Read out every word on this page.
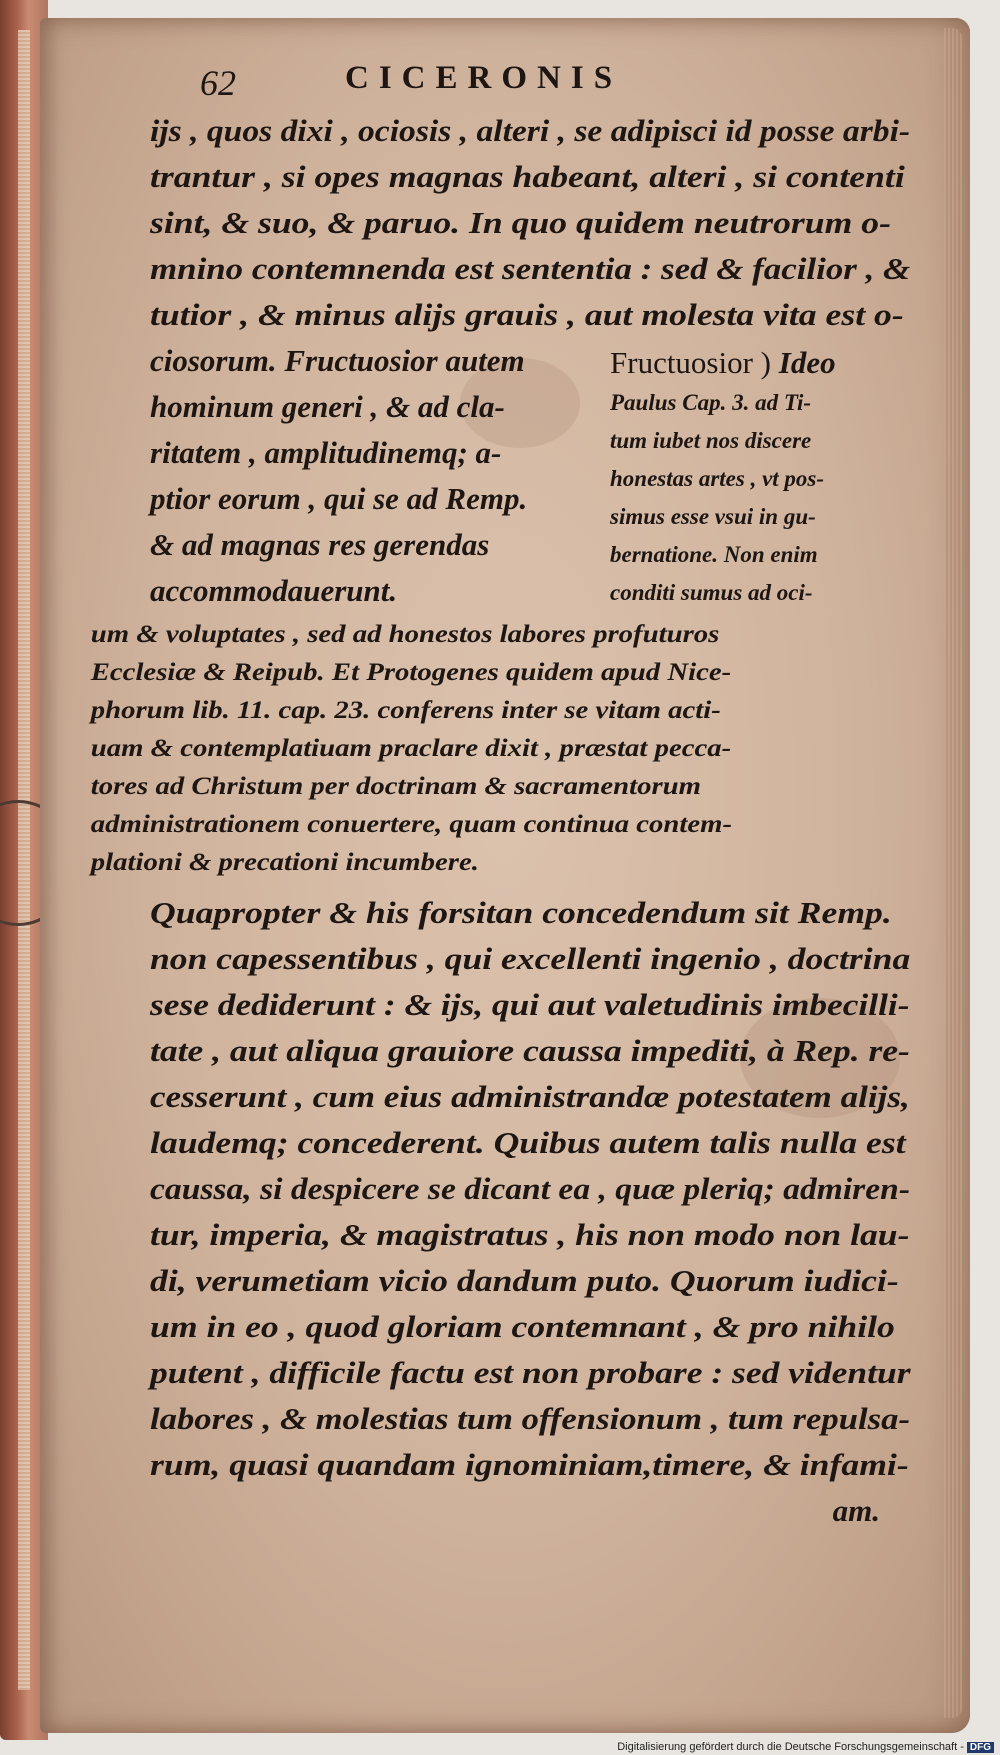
62	CICERONIS
ijs , quos dixi , ociosis , alteri , se adipisci id posse arbi-
trantur , si opes magnas habeant, alteri , si contenti
sint, & suo, & paruo. In quo quidem neutrorum o-
mnino contemnenda est sententia : sed & facilior , &
tutior , & minus alijs grauis , aut molesta vita est o-
ciosorum. Fructuosior autem
hominum generi , & ad cla-
ritatem , amplitudinemq; a-
ptior eorum , qui se ad Remp.
& ad magnas res gerendas
accommodauerunt.
Fructuosior ) Ideo
Paulus Cap. 3. ad Ti-
tum iubet nos discere
honestas artes , vt pos-
simus esse vsui in gu-
bernatione. Non enim
conditi sumus ad oci-
um & voluptates , sed ad honestos labores profuturos
Ecclesiæ & Reipub. Et Protogenes quidem apud Nice-
phorum lib. 11. cap. 23. conferens inter se vitam acti-
uam & contemplatiuam praclare dixit , præstat pecca-
tores ad Christum per doctrinam & sacramentorum
administrationem conuertere, quam continua contem-
plationi & precationi incumbere.
Quapropter & his forsitan concedendum sit Remp.
non capessentibus , qui excellenti ingenio , doctrina
sese dediderunt : & ijs, qui aut valetudinis imbecilli-
tate , aut aliqua grauiore caussa impediti, à Rep. re-
cesserunt , cum eius administrandæ potestatem alijs,
laudemq; concederent. Quibus autem talis nulla est
caussa, si despicere se dicant ea , quæ pleriq; admiren-
tur, imperia, & magistratus , his non modo non lau-
di, verumetiam vicio dandum puto. Quorum iudici-
um in eo , quod gloriam contemnant , & pro nihilo
putent , difficile factu est non probare : sed videntur
labores , & molestias tum offensionum , tum repulsa-
rum, quasi quandam ignominiam,timere, & infami-
am.
Digitalisierung gefördert durch die Deutsche Forschungsgemeinschaft - DFG
